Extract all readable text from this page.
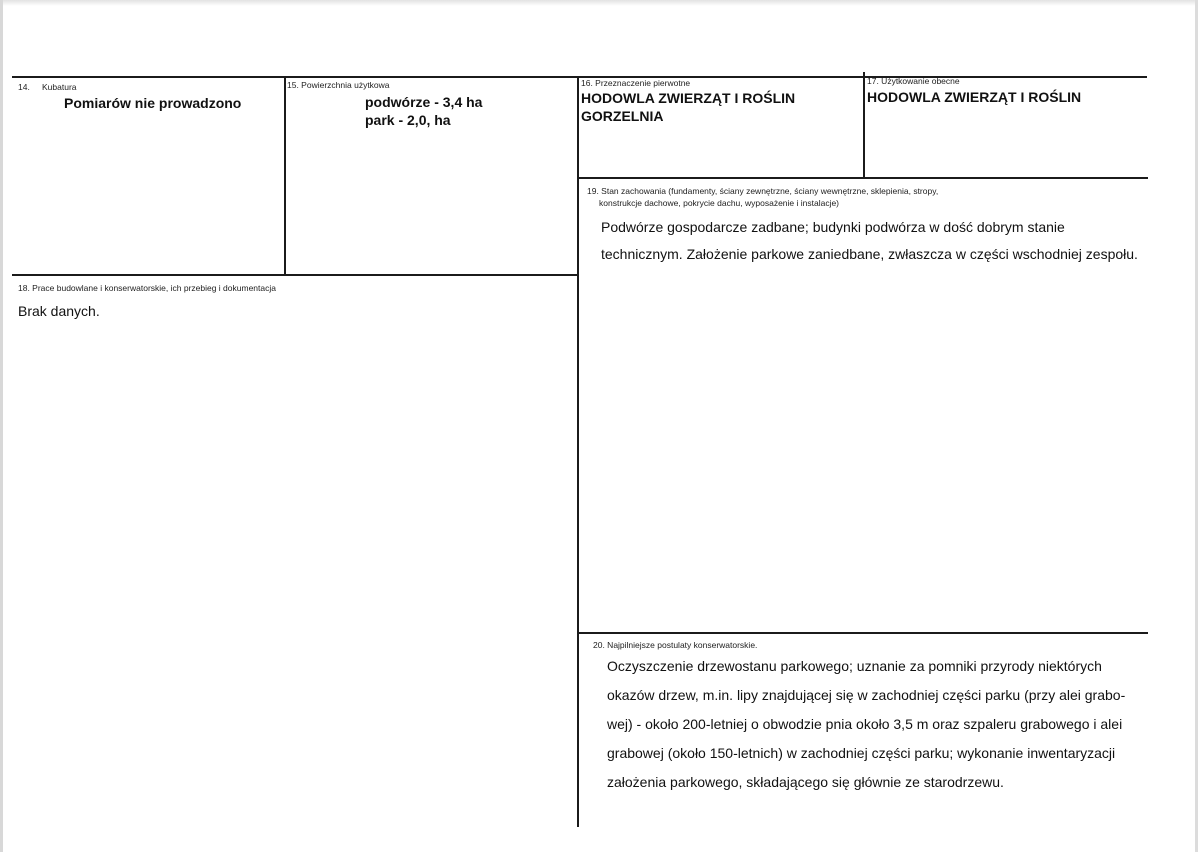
14. Kubatura
Pomiarów nie prowadzono
15. Powierzchnia użytkowa
podwórze - 3,4 ha
park - 2,0, ha
16. Przeznaczenie pierwotne
HODOWLA ZWIERZĄT I ROŚLIN
GORZELNIA
17. Użytkowanie obecne
HODOWLA ZWIERZĄT I ROŚLIN
19. Stan zachowania (fundamenty, ściany zewnętrzne, ściany wewnętrzne, sklepienia, stropy,
konstrukcje dachowe, pokrycie dachu, wyposażenie i instalacje)
Podwórze gospodarcze zadbane; budynki podwórza w dość dobrym stanie
technicznym. Założenie parkowe zaniedbane, zwłaszcza w części wschodniej zespołu.
18. Prace budowlane i konserwatorskie, ich przebieg i dokumentacja
Brak danych.
20. Najpilniejsze postulaty konserwatorskie.
Oczyszczenie drzewostanu parkowego; uznanie za pomniki przyrody niektórych
okazów drzew, m.in. lipy znajdującej się w zachodniej części parku (przy alei grabo-
wej) - około 200-letniej o obwodzie pnia około 3,5 m oraz szpaleru grabowego i alei
grabowej (około 150-letnich) w zachodniej części parku; wykonanie inwentaryzacji
założenia parkowego, składającego się głównie ze starodrzewu.
